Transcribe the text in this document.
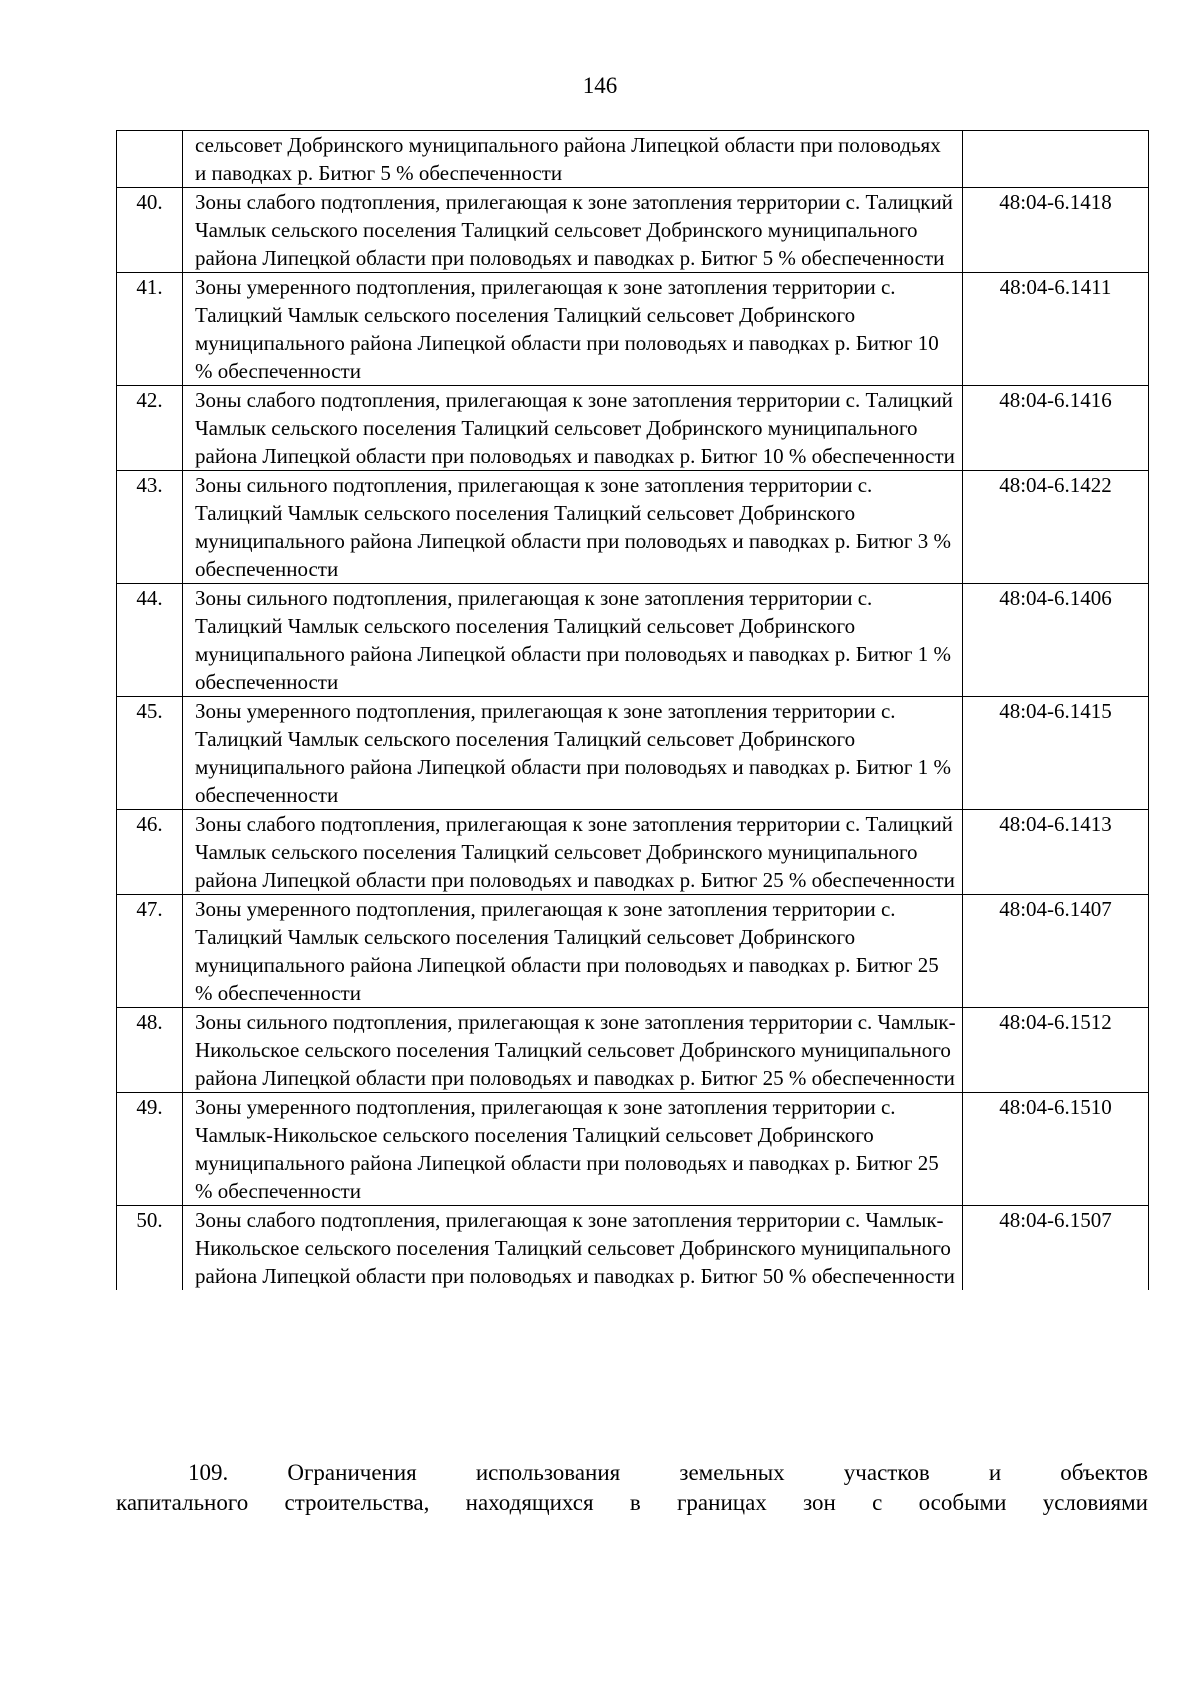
146
	сельсовет Добринского муниципального района Липецкой области при половодьях и паводках р. Битюг 5 % обеспеченности	
40.	Зоны слабого подтопления, прилегающая к зоне затопления территории с. Талицкий Чамлык сельского поселения Талицкий сельсовет Добринского муниципального района Липецкой области при половодьях и паводках р. Битюг 5 % обеспеченности	48:04-6.1418
41.	Зоны умеренного подтопления, прилегающая к зоне затопления территории с. Талицкий Чамлык сельского поселения Талицкий сельсовет Добринского муниципального района Липецкой области при половодьях и паводках р. Битюг 10 % обеспеченности	48:04-6.1411
42.	Зоны слабого подтопления, прилегающая к зоне затопления территории с. Талицкий Чамлык сельского поселения Талицкий сельсовет Добринского муниципального района Липецкой области при половодьях и паводках р. Битюг 10 % обеспеченности	48:04-6.1416
43.	Зоны сильного подтопления, прилегающая к зоне затопления территории с. Талицкий Чамлык сельского поселения Талицкий сельсовет Добринского муниципального района Липецкой области при половодьях и паводках р. Битюг 3 % обеспеченности	48:04-6.1422
44.	Зоны сильного подтопления, прилегающая к зоне затопления территории с. Талицкий Чамлык сельского поселения Талицкий сельсовет Добринского муниципального района Липецкой области при половодьях и паводках р. Битюг 1 % обеспеченности	48:04-6.1406
45.	Зоны умеренного подтопления, прилегающая к зоне затопления территории с. Талицкий Чамлык сельского поселения Талицкий сельсовет Добринского муниципального района Липецкой области при половодьях и паводках р. Битюг 1 % обеспеченности	48:04-6.1415
46.	Зоны слабого подтопления, прилегающая к зоне затопления территории с. Талицкий Чамлык сельского поселения Талицкий сельсовет Добринского муниципального района Липецкой области при половодьях и паводках р. Битюг 25 % обеспеченности	48:04-6.1413
47.	Зоны умеренного подтопления, прилегающая к зоне затопления территории с. Талицкий Чамлык сельского поселения Талицкий сельсовет Добринского муниципального района Липецкой области при половодьях и паводках р. Битюг 25 % обеспеченности	48:04-6.1407
48.	Зоны сильного подтопления, прилегающая к зоне затопления территории с. Чамлык-Никольское сельского поселения Талицкий сельсовет Добринского муниципального района Липецкой области при половодьях и паводках р. Битюг 25 % обеспеченности	48:04-6.1512
49.	Зоны умеренного подтопления, прилегающая к зоне затопления территории с. Чамлык-Никольское сельского поселения Талицкий сельсовет Добринского муниципального района Липецкой области при половодьях и паводках р. Битюг 25 % обеспеченности	48:04-6.1510
50.	Зоны слабого подтопления, прилегающая к зоне затопления территории с. Чамлык-Никольское сельского поселения Талицкий сельсовет Добринского муниципального района Липецкой области при половодьях и паводках р. Битюг 50 % обеспеченности	48:04-6.1507
109. Ограничения использования земельных участков и объектов
капитального строительства, находящихся в границах зон с особыми условиями
